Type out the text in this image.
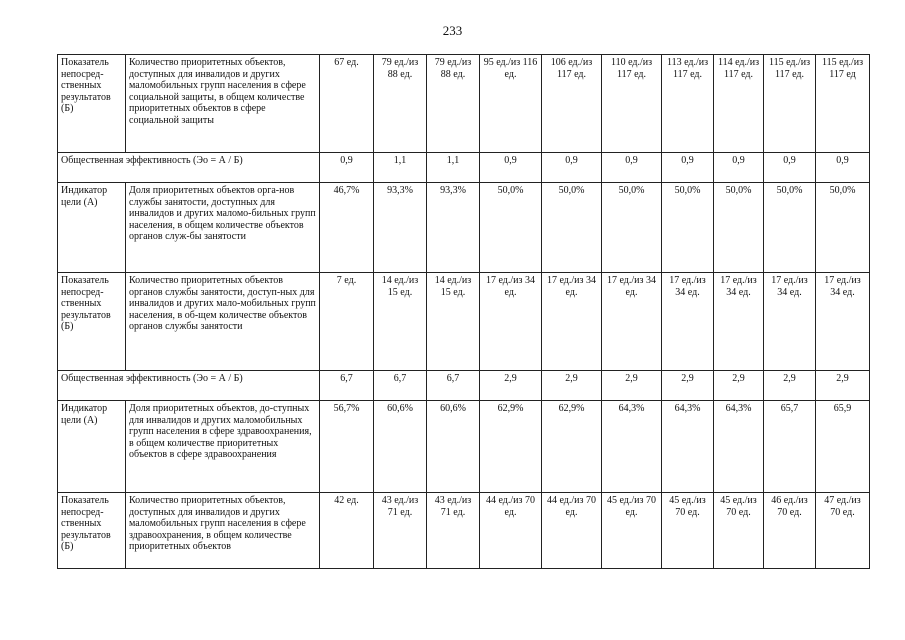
233
Показатель непосред-ственных результатов (Б)	Количество приоритетных объектов, доступных для инвалидов и других маломобильных групп населения в сфере социальной защиты, в общем количестве приоритетных объектов в сфере социальной защиты	67 ед.	79 ед./из 88 ед.	79 ед./из 88 ед.	95 ед./из 116 ед.	106 ед./из 117 ед.	110 ед./из 117 ед.	113 ед./из 117 ед.	114 ед./из 117 ед.	115 ед./из 117 ед.	115 ед./из 117 ед
Общественная эффективность (Эо = А / Б)		0,9	1,1	1,1	0,9	0,9	0,9	0,9	0,9	0,9	0,9
Индикатор цели (А)	Доля приоритетных объектов орга-нов службы занятости, доступных для инвалидов и других маломо-бильных групп населения, в общем количестве объектов органов служ-бы занятости	46,7%	93,3%	93,3%	50,0%	50,0%	50,0%	50,0%	50,0%	50,0%	50,0%
Показатель непосред-ственных результатов (Б)	Количество приоритетных объектов органов службы занятости, доступ-ных для инвалидов и других мало-мобильных групп населения, в об-щем количестве объектов органов службы занятости	7 ед.	14 ед./из 15 ед.	14 ед./из 15 ед.	17 ед./из 34 ед.	17 ед./из 34 ед.	17 ед./из 34 ед.	17 ед./из 34 ед.	17 ед./из 34 ед.	17 ед./из 34 ед.	17 ед./из 34 ед.
Общественная эффективность (Эо = А / Б)		6,7	6,7	6,7	2,9	2,9	2,9	2,9	2,9	2,9	2,9
Индикатор цели (А)	Доля приоритетных объектов, до-ступных для инвалидов и других маломобильных групп населения в сфере здравоохранения, в общем количестве приоритетных объектов в сфере здравоохранения	56,7%	60,6%	60,6%	62,9%	62,9%	64,3%	64,3%	64,3%	65,7	65,9
Показатель непосред-ственных результатов (Б)	Количество приоритетных объектов, доступных для инвалидов и других маломобильных групп населения в сфере здравоохранения, в общем количестве приоритетных объектов	42 ед.	43 ед./из 71 ед.	43 ед./из 71 ед.	44 ед./из 70 ед.	44 ед./из 70 ед.	45 ед./из 70 ед.	45 ед./из 70 ед.	45 ед./из 70 ед.	46 ед./из 70 ед.	47 ед./из 70 ед.
